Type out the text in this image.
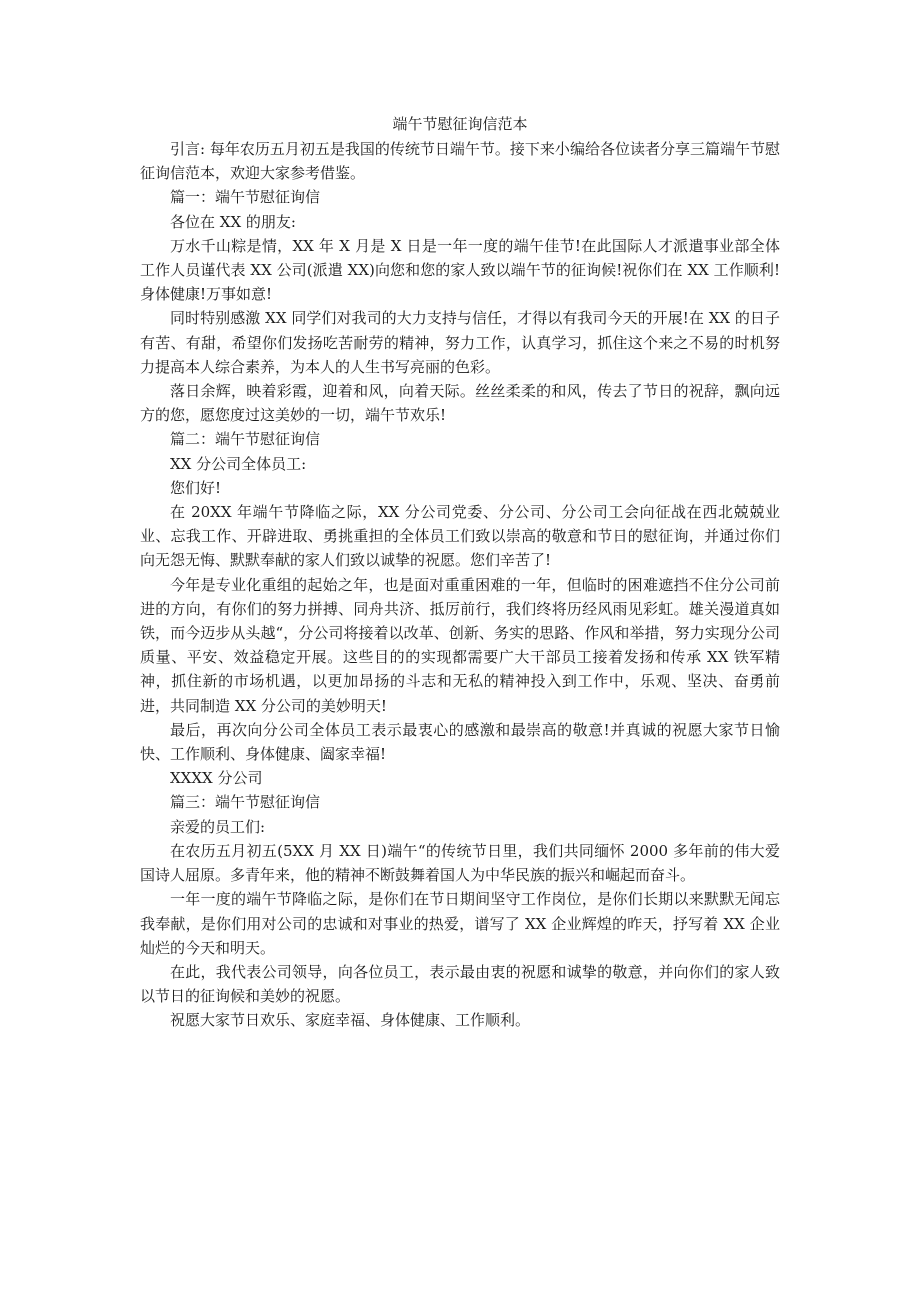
端午节慰征询信范本

引言: 每年农历五月初五是我国的传统节日端午节。接下来小编给各位读者分享三篇端午节慰征询信范本，欢迎大家参考借鉴。

篇一：端午节慰征询信

各位在 XX 的朋友:

万水千山粽是情，XX 年 X 月是 X 日是一年一度的端午佳节!在此国际人才派遣事业部全体工作人员谨代表 XX 公司(派遣 XX)向您和您的家人致以端午节的征询候!祝你们在 XX 工作顺利!身体健康!万事如意!

同时特别感激 XX 同学们对我司的大力支持与信任，才得以有我司今天的开展!在 XX 的日子有苦、有甜，希望你们发扬吃苦耐劳的精神，努力工作，认真学习，抓住这个来之不易的时机努力提高本人综合素养，为本人的人生书写亮丽的色彩。

落日余辉，映着彩霞，迎着和风，向着天际。丝丝柔柔的和风，传去了节日的祝辞，飘向远方的您，愿您度过这美妙的一切，端午节欢乐!

篇二：端午节慰征询信

XX 分公司全体员工:

您们好!

在 20XX 年端午节降临之际，XX 分公司党委、分公司、分公司工会向征战在西北兢兢业业、忘我工作、开辟进取、勇挑重担的全体员工们致以崇高的敬意和节日的慰征询，并通过你们向无怨无悔、默默奉献的家人们致以诚挚的祝愿。您们辛苦了!

今年是专业化重组的起始之年，也是面对重重困难的一年，但临时的困难遮挡不住分公司前进的方向，有你们的努力拼搏、同舟共济、抵厉前行，我们终将历经风雨见彩虹。雄关漫道真如铁，而今迈步从头越“，分公司将接着以改革、创新、务实的思路、作风和举措，努力实现分公司质量、平安、效益稳定开展。这些目的的实现都需要广大干部员工接着发扬和传承 XX 铁军精神，抓住新的市场机遇，以更加昂扬的斗志和无私的精神投入到工作中，乐观、坚决、奋勇前进，共同制造 XX 分公司的美妙明天!

最后，再次向分公司全体员工表示最衷心的感激和最崇高的敬意!并真诚的祝愿大家节日愉快、工作顺利、身体健康、阖家幸福!

XXXX 分公司

篇三：端午节慰征询信

亲爱的员工们:

在农历五月初五(5XX 月 XX 日)端午“的传统节日里，我们共同缅怀 2000 多年前的伟大爱国诗人屈原。多青年来，他的精神不断鼓舞着国人为中华民族的振兴和崛起而奋斗。

一年一度的端午节降临之际，是你们在节日期间坚守工作岗位，是你们长期以来默默无闻忘我奉献，是你们用对公司的忠诚和对事业的热爱，谱写了 XX 企业辉煌的昨天，抒写着 XX 企业灿烂的今天和明天。

在此，我代表公司领导，向各位员工，表示最由衷的祝愿和诚挚的敬意，并向你们的家人致以节日的征询候和美妙的祝愿。

祝愿大家节日欢乐、家庭幸福、身体健康、工作顺利。
